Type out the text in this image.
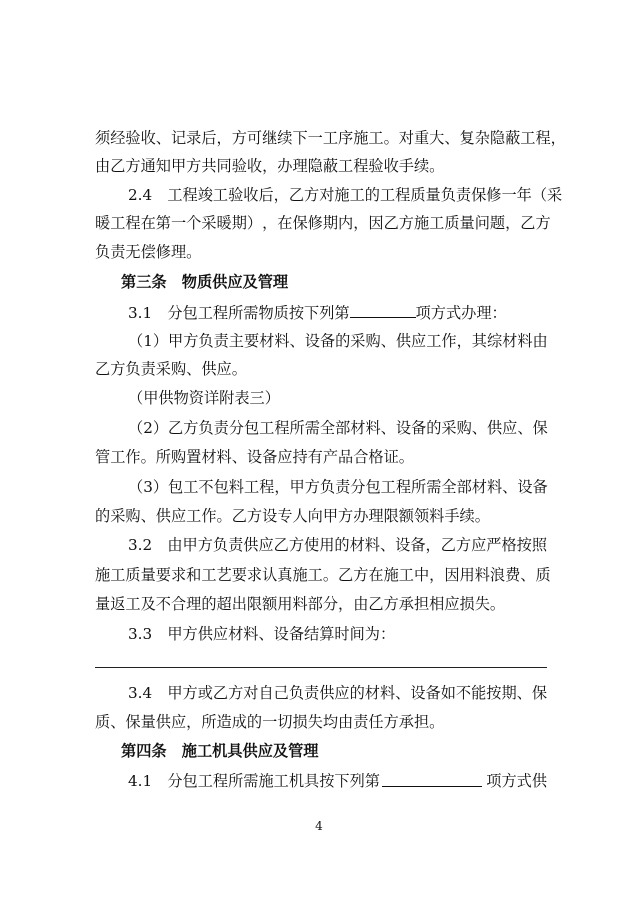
须 经 验 收 、 记 录 后 ， 方 可 继 续 下 一 工 序 施 工 。 对 重 大 、 复 杂 隐 蔽 工 程 ，
由乙方通知甲方共同验收，办理隐蔽工程验收手续。
2 . 4
　 工 程 竣 工 验 收 后 ， 乙 方 对 施 工 的 工 程 质 量 负 责 保 修 一 年 （ 采
暖 工 程 在 第 一 个 采 暖 期 ） ， 在 保 修 期 内 ， 因 乙 方 施 工 质 量 问 题 ， 乙 方
负责无偿修理。
第三条　物质供应及管理
3.1　分包工程所需物质按下列第	项方式办理：
（ 1 ） 甲 方 负 责 主 要 材 料 、 设 备 的 采 购 、 供 应 工 作 ， 其 综 材 料 由
乙方负责采购、供应。
（甲供物资详附表三）
（ 2 ） 乙 方 负 责 分 包 工 程 所 需 全 部 材 料 、 设 备 的 采 购 、 供 应 、 保
管工作。所购置材料、设备应持有产品合格证。
（ 3 ） 包 工 不 包 料 工 程 ， 甲 方 负 责 分 包 工 程 所 需 全 部 材 料 、 设 备
的采购、供应工作。乙方设专人向甲方办理限额领料手续。
3 . 2
　 由 甲 方 负 责 供 应 乙 方 使 用 的 材 料 、 设 备 ， 乙 方 应 严 格 按 照
施 工 质 量 要 求 和 工 艺 要 求 认 真 施 工 。 乙 方 在 施 工 中 ， 因 用 料 浪 费 、 质
量返工及不合理的超出限额用料部分，由乙方承担相应损失。
3.3　甲方供应材料、设备结算时间为：
3 . 4
　 甲 方 或 乙 方 对 自 己 负 责 供 应 的 材 料 、 设 备 如 不 能 按 期 、 保
质、保量供应，所造成的一切损失均由责任方承担。
第四条　施工机具供应及管理
4.1　分包工程所需施工机具按下列第	项方式供
4
